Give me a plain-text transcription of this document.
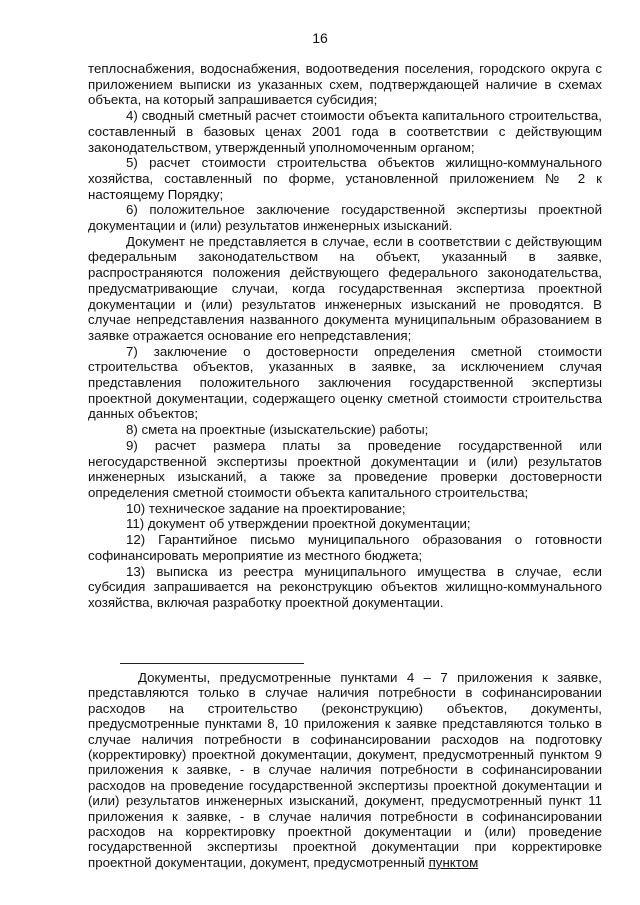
16

теплоснабжения, водоснабжения, водоотведения поселения, городского округа с приложением выписки из указанных схем, подтверждающей наличие в схемах объекта, на который запрашивается субсидия;

4) сводный сметный расчет стоимости объекта капитального строительства, составленный в базовых ценах 2001 года в соответствии с действующим законодательством, утвержденный уполномоченным органом;

5) расчет стоимости строительства объектов жилищно-коммунального хозяйства, составленный по форме, установленной приложением № 2 к настоящему Порядку;

6) положительное заключение государственной экспертизы проектной документации и (или) результатов инженерных изысканий.

Документ не представляется в случае, если в соответствии с действующим федеральным законодательством на объект, указанный в заявке, распространяются положения действующего федерального законодательства, предусматривающие случаи, когда государственная экспертиза проектной документации и (или) результатов инженерных изысканий не проводятся. В случае непредставления названного документа муниципальным образованием в заявке отражается основание его непредставления;

7) заключение о достоверности определения сметной стоимости строительства объектов, указанных в заявке, за исключением случая представления положительного заключения государственной экспертизы проектной документации, содержащего оценку сметной стоимости строительства данных объектов;

8) смета на проектные (изыскательские) работы;

9) расчет размера платы за проведение государственной или негосударственной экспертизы проектной документации и (или) результатов инженерных изысканий, а также за проведение проверки достоверности определения сметной стоимости объекта капитального строительства;

10) техническое задание на проектирование;

11) документ об утверждении проектной документации;

12) Гарантийное письмо муниципального образования о готовности софинансировать мероприятие из местного бюджета;

13) выписка из реестра муниципального имущества в случае, если субсидия запрашивается на реконструкцию объектов жилищно-коммунального хозяйства, включая разработку проектной документации.

Документы, предусмотренные пунктами 4 – 7 приложения к заявке, представляются только в случае наличия потребности в софинансировании расходов на строительство (реконструкцию) объектов, документы, предусмотренные пунктами 8, 10 приложения к заявке представляются только в случае наличия потребности в софинансировании расходов на подготовку (корректировку) проектной документации, документ, предусмотренный пунктом 9 приложения к заявке, - в случае наличия потребности в софинансировании расходов на проведение государственной экспертизы проектной документации и (или) результатов инженерных изысканий, документ, предусмотренный пункт 11 приложения к заявке, - в случае наличия потребности в софинансировании расходов на корректировку проектной документации и (или) проведение государственной экспертизы проектной документации при корректировке проектной документации, документ, предусмотренный пунктом
